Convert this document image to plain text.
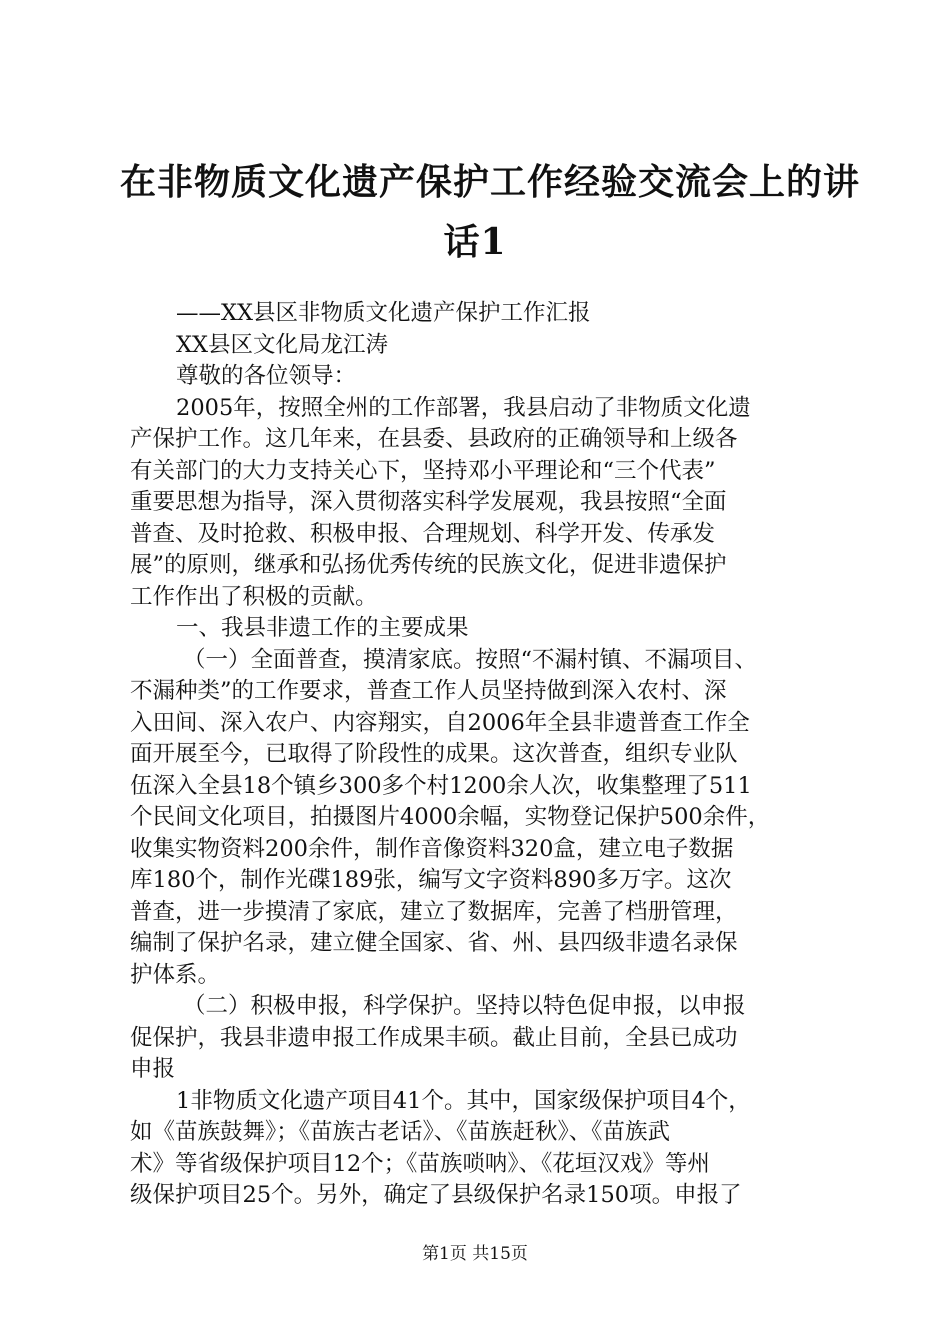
在非物质文化遗产保护工作经验交流会上的讲
话1
——XX县区非物质文化遗产保护工作汇报
XX县区文化局龙江涛
尊敬的各位领导：
2005年，按照全州的工作部署，我县启动了非物质文化遗
产保护工作。这几年来，在县委、县政府的正确领导和上级各
有关部门的大力支持关心下，坚持邓小平理论和“三个代表”
重要思想为指导，深入贯彻落实科学发展观，我县按照“全面
普查、及时抢救、积极申报、合理规划、科学开发、传承发
展”的原则，继承和弘扬优秀传统的民族文化，促进非遗保护
工作作出了积极的贡献。
一、我县非遗工作的主要成果
（一）全面普查，摸清家底。按照“不漏村镇、不漏项目、
不漏种类”的工作要求，普查工作人员坚持做到深入农村、深
入田间、深入农户、内容翔实，自2006年全县非遗普查工作全
面开展至今，已取得了阶段性的成果。这次普查，组织专业队
伍深入全县18个镇乡300多个村1200余人次，收集整理了511
个民间文化项目，拍摄图片4000余幅，实物登记保护500余件，
收集实物资料200余件，制作音像资料320盒，建立电子数据
库180个，制作光碟189张，编写文字资料890多万字。这次
普查，进一步摸清了家底，建立了数据库，完善了档册管理，
编制了保护名录，建立健全国家、省、州、县四级非遗名录保
护体系。
（二）积极申报，科学保护。坚持以特色促申报，以申报
促保护，我县非遗申报工作成果丰硕。截止目前，全县已成功
申报
1非物质文化遗产项目41个。其中，国家级保护项目4个，
如《苗族鼓舞》；《苗族古老话》、《苗族赶秋》、《苗族武
术》等省级保护项目12个；《苗族唢呐》、《花垣汉戏》等州
级保护项目25个。另外，确定了县级保护名录150项。申报了
第1页 共15页
